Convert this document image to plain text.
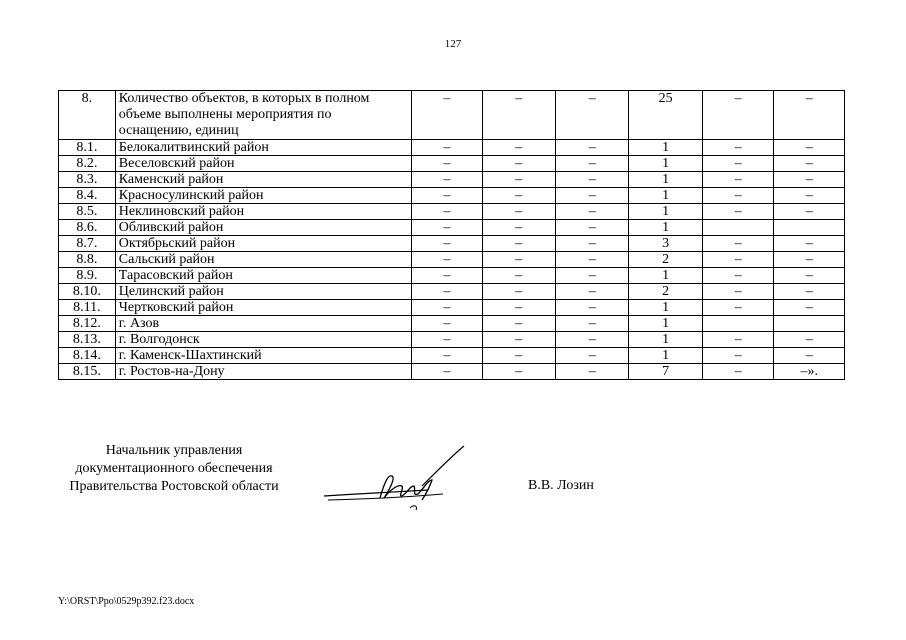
127
8.	Количество объектов, в которых в полном объеме выполнены мероприятия по оснащению, единиц	–	–	–	25	–	–
8.1.	Белокалитвинский район	–	–	–	1	–	–
8.2.	Веселовский район	–	–	–	1	–	–
8.3.	Каменский район	–	–	–	1	–	–
8.4.	Красносулинский район	–	–	–	1	–	–
8.5.	Неклиновский район	–	–	–	1	–	–
8.6.	Обливский район	–	–	–	1		
8.7.	Октябрьский район	–	–	–	3	–	–
8.8.	Сальский район	–	–	–	2	–	–
8.9.	Тарасовский район	–	–	–	1	–	–
8.10.	Целинский район	–	–	–	2	–	–
8.11.	Чертковский район	–	–	–	1	–	–
8.12.	г. Азов	–	–	–	1		
8.13.	г. Волгодонск	–	–	–	1	–	–
8.14.	г. Каменск-Шахтинский	–	–	–	1	–	–
8.15.	г. Ростов-на-Дону	–	–	–	7	–	–».
Начальник управления
документационного обеспечения
Правительства Ростовской области	В.В. Лозин
Y:\ORST\Ppo\0529p392.f23.docx
